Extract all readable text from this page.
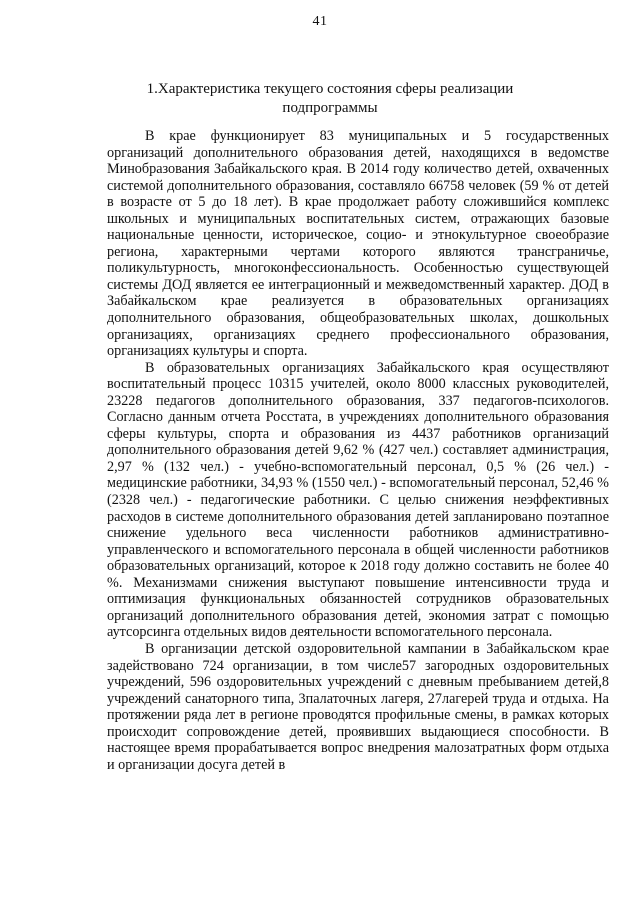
41
1.Характеристика текущего состояния сферы реализации подпрограммы

В крае функционирует 83 муниципальных и 5 государственных организаций дополнительного образования детей, находящихся в ведомстве Минобразования Забайкальского края. В 2014 году количество детей, охваченных системой дополнительного образования, составляло 66758 человек (59 % от детей в возрасте от 5 до 18 лет). В крае продолжает работу сложившийся комплекс школьных и муниципальных воспитательных систем, отражающих базовые национальные ценности, историческое, социо- и этнокультурное своеобразие региона, характерными чертами которого являются трансграничье, поликультурность, многоконфессиональность. Особенностью существующей системы ДОД является ее интеграционный и межведомственный характер. ДОД в Забайкальском крае реализуется в образовательных организациях дополнительного образования, общеобразовательных школах, дошкольных организациях, организациях среднего профессионального образования, организациях культуры и спорта.

В образовательных организациях Забайкальского края осуществляют воспитательный процесс 10315 учителей, около 8000 классных руководителей, 23228 педагогов дополнительного образования, 337 педагогов-психологов. Согласно данным отчета Росстата, в учреждениях дополнительного образования сферы культуры, спорта и образования из 4437 работников организаций дополнительного образования детей 9,62 % (427 чел.) составляет администрация, 2,97 % (132 чел.) - учебно-вспомогательный персонал, 0,5 % (26 чел.) - медицинские работники, 34,93 % (1550 чел.) - вспомогательный персонал, 52,46 % (2328 чел.) - педагогические работники. С целью снижения неэффективных расходов в системе дополнительного образования детей запланировано поэтапное снижение удельного веса численности работников административно-управленческого и вспомогательного персонала в общей численности работников образовательных организаций, которое к 2018 году должно составить не более 40 %. Механизмами снижения выступают повышение интенсивности труда и оптимизация функциональных обязанностей сотрудников образовательных организаций дополнительного образования детей, экономия затрат с помощью аутсорсинга отдельных видов деятельности вспомогательного персонала.

В организации детской оздоровительной кампании в Забайкальском крае задействовано 724 организации, в том числе57 загородных оздоровительных учреждений, 596 оздоровительных учреждений с дневным пребыванием детей,8 учреждений санаторного типа, 3палаточных лагеря, 27лагерей труда и отдыха. На протяжении ряда лет в регионе проводятся профильные смены, в рамках которых происходит сопровождение детей, проявивших выдающиеся способности. В настоящее время прорабатывается вопрос внедрения малозатратных форм отдыха и организации досуга детей в
